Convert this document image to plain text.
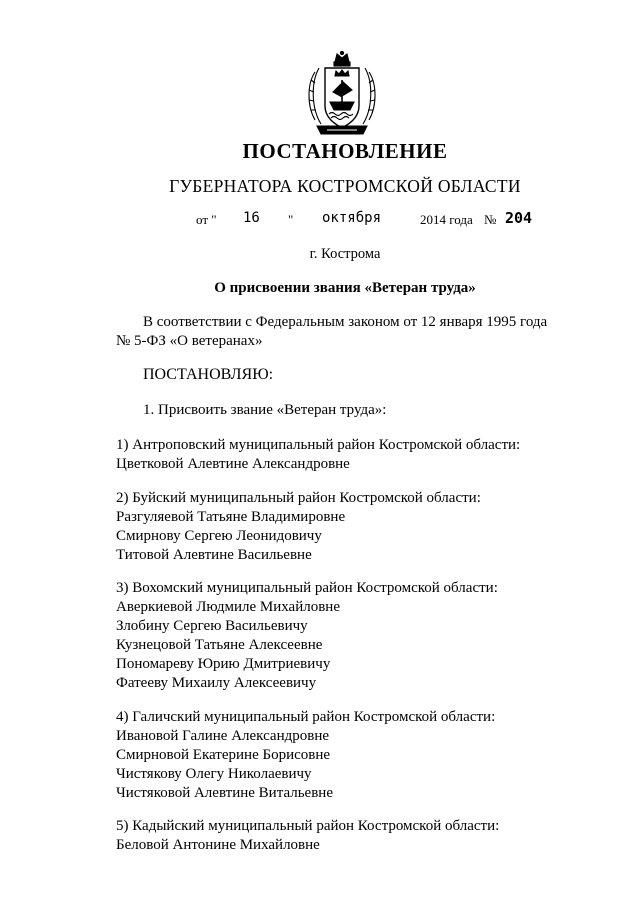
ПОСТАНОВЛЕНИЕ
ГУБЕРНАТОРА КОСТРОМСКОЙ ОБЛАСТИ
от " 16 " октября	2014 года № 204
г. Кострома
О присвоении звания «Ветеран труда»
В соответствии с Федеральным законом от 12 января 1995 года
№ 5-ФЗ «О ветеранах»
ПОСТАНОВЛЯЮ:
1. Присвоить звание «Ветеран труда»:
1) Антроповский муниципальный район Костромской области:
Цветковой Алевтине Александровне
2) Буйский муниципальный район Костромской области:
Разгуляевой Татьяне Владимировне
Смирнову Сергею Леонидовичу
Титовой Алевтине Васильевне
3) Вохомский муниципальный район Костромской области:
Аверкиевой Людмиле Михайловне
Злобину Сергею Васильевичу
Кузнецовой Татьяне Алексеевне
Пономареву Юрию Дмитриевичу
Фатееву Михаилу Алексеевичу
4) Галичский муниципальный район Костромской области:
Ивановой Галине Александровне
Смирновой Екатерине Борисовне
Чистякову Олегу Николаевичу
Чистяковой Алевтине Витальевне
5) Кадыйский муниципальный район Костромской области:
Беловой Антонине Михайловне
